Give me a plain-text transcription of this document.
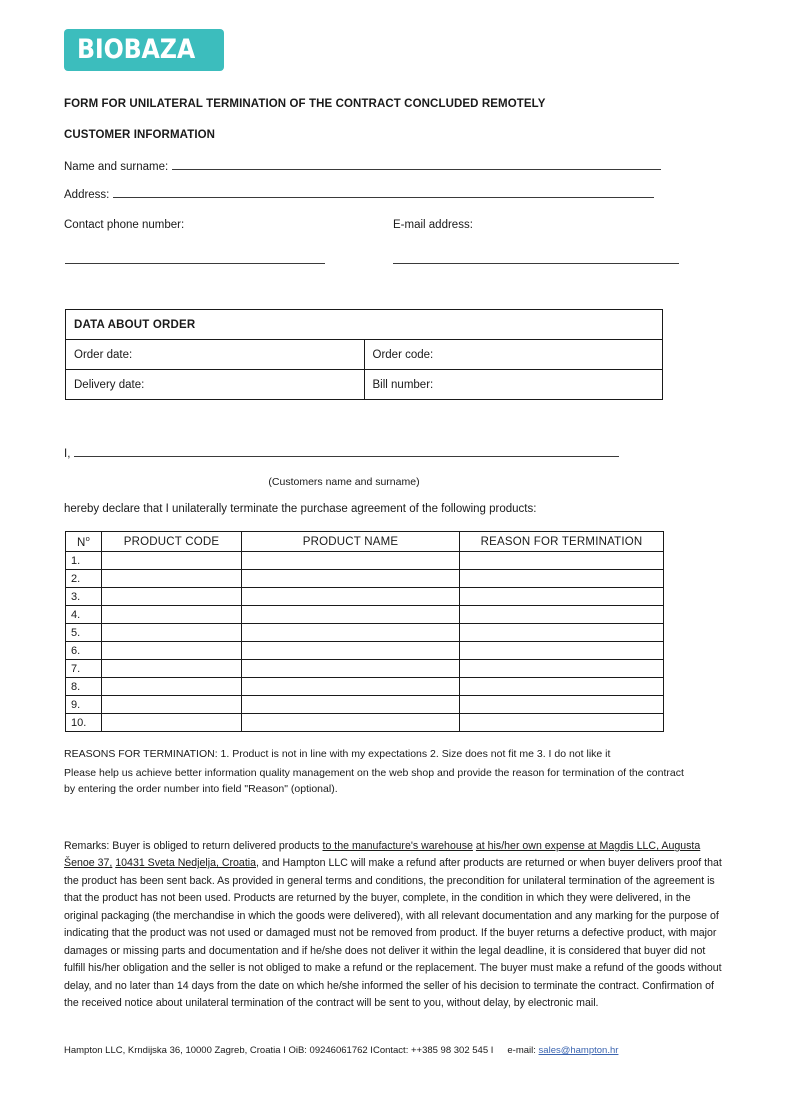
BIOBAZA
FORM FOR UNILATERAL TERMINATION OF THE CONTRACT CONCLUDED REMOTELY
CUSTOMER INFORMATION
Name and surname:
Address:
Contact phone number:	E-mail address:
DATA ABOUT ORDER	
Order date:	Order code:
Delivery date:	Bill number:
I,
(Customers name and surname)
hereby declare that I unilaterally terminate the purchase agreement of the following products:
$N^o$	PRODUCT CODE	PRODUCT NAME	REASON FOR TERMINATION
1.			
2.			
3.			
4.			
5.			
6.			
7.			
8.			
9.			
10.			
REASONS FOR TERMINATION: 1. Product is not in line with my expectations 2. Size does not fit me 3. I do not like it
Please help us achieve better information quality management on the web shop and provide the reason for termination of the contract by entering the order number into field "Reason" (optional).
Remarks: Buyer is obliged to return delivered products to the manufacture's warehouse at his/her own expense at Magdis LLC, Augusta Šenoe 37, 10431 Sveta Nedjelja, Croatia, and Hampton LLC will make a refund after products are returned or when buyer delivers proof that the product has been sent back. As provided in general terms and conditions, the precondition for unilateral termination of the agreement is that the product has not been used. Products are returned by the buyer, complete, in the condition in which they were delivered, in the original packaging (the merchandise in which the goods were delivered), with all relevant documentation and any marking for the purpose of indicating that the product was not used or damaged must not be removed from product. If the buyer returns a defective product, with major damages or missing parts and documentation and if he/she does not deliver it within the legal deadline, it is considered that buyer did not fulfill his/her obligation and the seller is not obliged to make a refund or the replacement. The buyer must make a refund of the goods without delay, and no later than 14 days from the date on which he/she informed the seller of his decision to terminate the contract. Confirmation of the received notice about unilateral termination of the contract will be sent to you, without delay, by electronic mail.
Hampton LLC, Krndijska 36, 10000 Zagreb, Croatia I OiB: 09246061762 IContact: ++385 98 302 545 I e-mail: sales@hampton.hr
